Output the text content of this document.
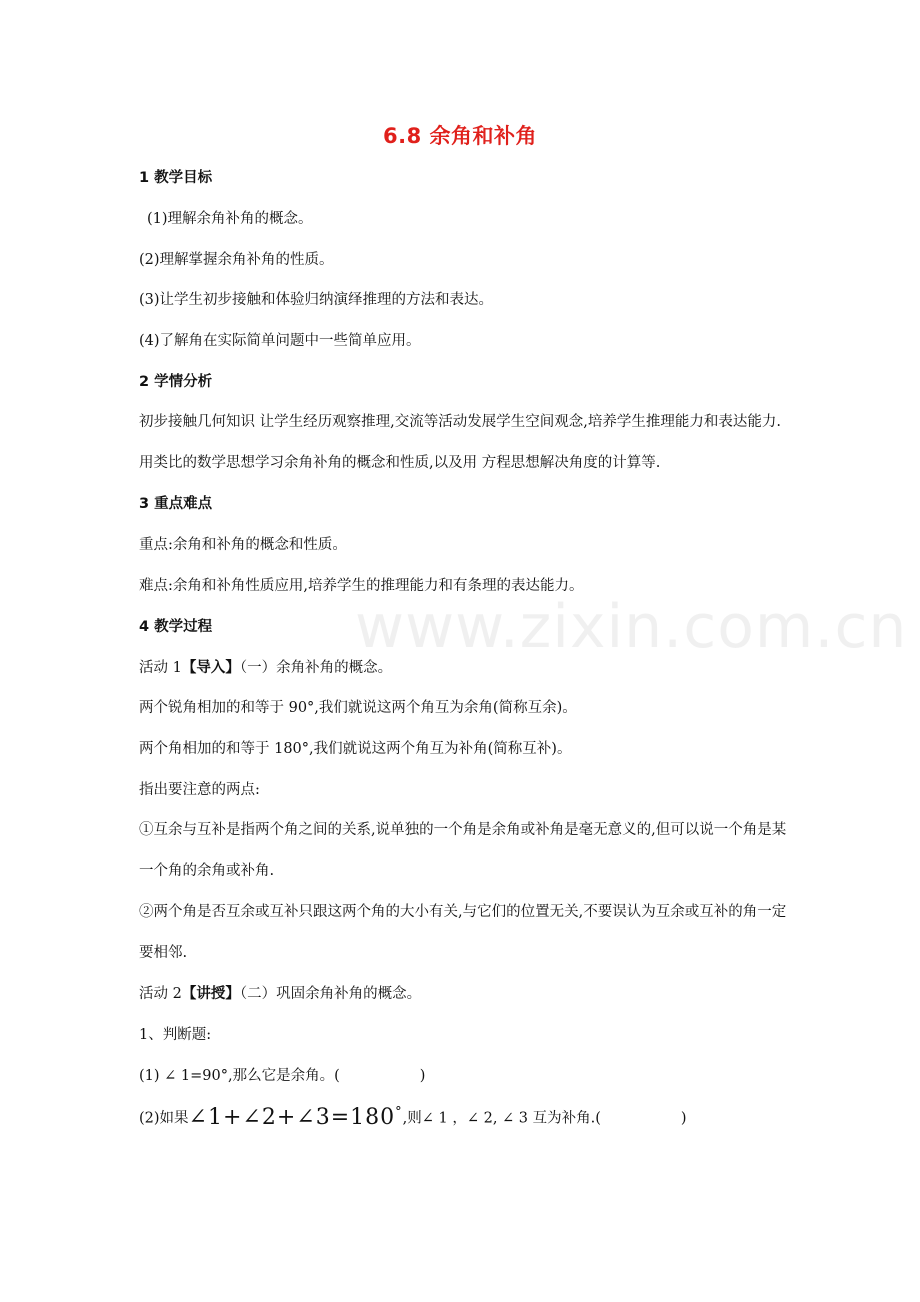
6.8 余角和补角
www.zixin.com.cn
1 教学目标
(1)理解余角补角的概念。
(2)理解掌握余角补角的性质。
(3)让学生初步接触和体验归纳演绎推理的方法和表达。
(4)了解角在实际简单问题中一些简单应用。
2 学情分析
初步接触几何知识 让学生经历观察推理,交流等活动发展学生空间观念,培养学生推理能力和表达能力.用类比的数学思想学习余角补角的概念和性质,以及用 方程思想解决角度的计算等.
3 重点难点
重点:余角和补角的概念和性质。
难点:余角和补角性质应用,培养学生的推理能力和有条理的表达能力。
4 教学过程
活动 1【导入】（一）余角补角的概念。
两个锐角相加的和等于 90°,我们就说这两个角互为余角(简称互余)。
两个角相加的和等于 180°,我们就说这两个角互为补角(简称互补)。
指出要注意的两点:
①互余与互补是指两个角之间的关系,说单独的一个角是余角或补角是毫无意义的,但可以说一个角是某一个角的余角或补角.
②两个角是否互余或互补只跟这两个角的大小有关,与它们的位置无关,不要误认为互余或互补的角一定要相邻.
活动 2【讲授】（二）巩固余角补角的概念。
1、判断题:
(1) ∠ 1=90°,那么它是余角。(	)
(2)如果∠1+∠2+∠3=180°,则∠ 1 ，∠ 2, ∠ 3 互为补角.(	)
